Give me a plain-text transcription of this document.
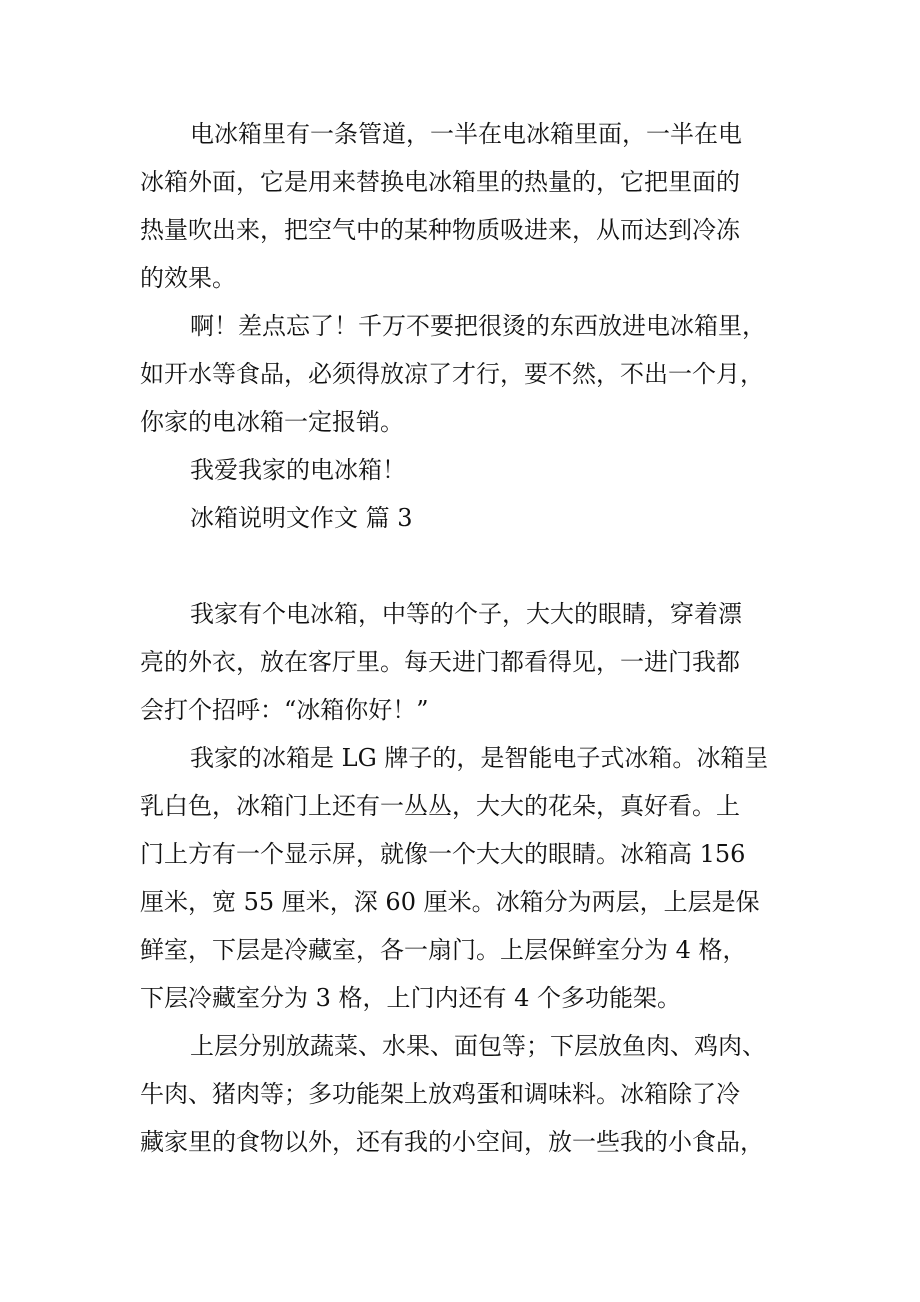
电冰箱里有一条管道，一半在电冰箱里面，一半在电
冰箱外面，它是用来替换电冰箱里的热量的，它把里面的
热量吹出来，把空气中的某种物质吸进来，从而达到冷冻
的效果。
啊！差点忘了！千万不要把很烫的东西放进电冰箱里，
如开水等食品，必须得放凉了才行，要不然，不出一个月，
你家的电冰箱一定报销。
我爱我家的电冰箱！
冰箱说明文作文 篇 3
我家有个电冰箱，中等的个子，大大的眼睛，穿着漂
亮的外衣，放在客厅里。每天进门都看得见，一进门我都
会打个招呼：“冰箱你好！”
我家的冰箱是 LG 牌子的，是智能电子式冰箱。冰箱呈
乳白色，冰箱门上还有一丛丛，大大的花朵，真好看。上
门上方有一个显示屏，就像一个大大的眼睛。冰箱高 156
厘米，宽 55 厘米，深 60 厘米。冰箱分为两层，上层是保
鲜室，下层是冷藏室，各一扇门。上层保鲜室分为 4 格，
下层冷藏室分为 3 格，上门内还有 4 个多功能架。
上层分别放蔬菜、水果、面包等；下层放鱼肉、鸡肉、
牛肉、猪肉等；多功能架上放鸡蛋和调味料。冰箱除了冷
藏家里的食物以外，还有我的小空间，放一些我的小食品，
